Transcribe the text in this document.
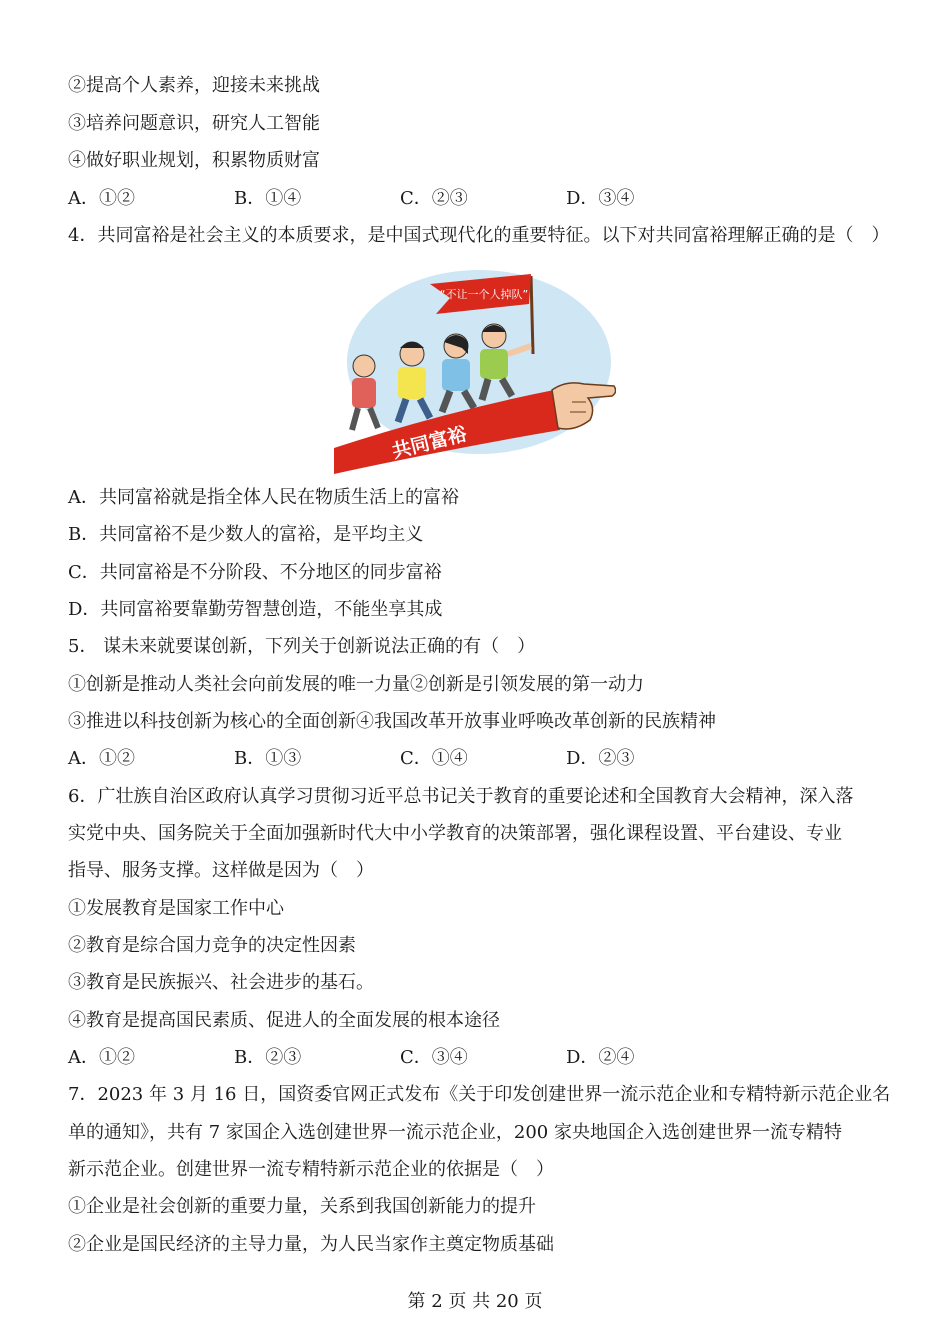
②提高个人素养，迎接未来挑战
③培养问题意识，研究人工智能
④做好职业规划，积累物质财富
A．①②	B．①④	C．②③	D．③④
4．共同富裕是社会主义的本质要求，是中国式现代化的重要特征。以下对共同富裕理解正确的是（　）
“不让一个人掉队”
共同富裕
A．共同富裕就是指全体人民在物质生活上的富裕
B．共同富裕不是少数人的富裕，是平均主义
C．共同富裕是不分阶段、不分地区的同步富裕
D．共同富裕要靠勤劳智慧创造，不能坐享其成
5． 谋未来就要谋创新，下列关于创新说法正确的有（　）
①创新是推动人类社会向前发展的唯一力量②创新是引领发展的第一动力
③推进以科技创新为核心的全面创新④我国改革开放事业呼唤改革创新的民族精神
A．①②	B．①③	C．①④	D．②③
6．广壮族自治区政府认真学习贯彻习近平总书记关于教育的重要论述和全国教育大会精神，深入落
实党中央、国务院关于全面加强新时代大中小学教育的决策部署，强化课程设置、平台建设、专业
指导、服务支撑。这样做是因为（　）
①发展教育是国家工作中心
②教育是综合国力竞争的决定性因素
③教育是民族振兴、社会进步的基石。
④教育是提高国民素质、促进人的全面发展的根本途径
A．①②	B．②③	C．③④	D．②④
7．2023 年 3 月 16 日，国资委官网正式发布《关于印发创建世界一流示范企业和专精特新示范企业名
单的通知》，共有 7 家国企入选创建世界一流示范企业，200 家央地国企入选创建世界一流专精特
新示范企业。创建世界一流专精特新示范企业的依据是（　）
①企业是社会创新的重要力量，关系到我国创新能力的提升
②企业是国民经济的主导力量，为人民当家作主奠定物质基础
第 2 页 共 20 页
